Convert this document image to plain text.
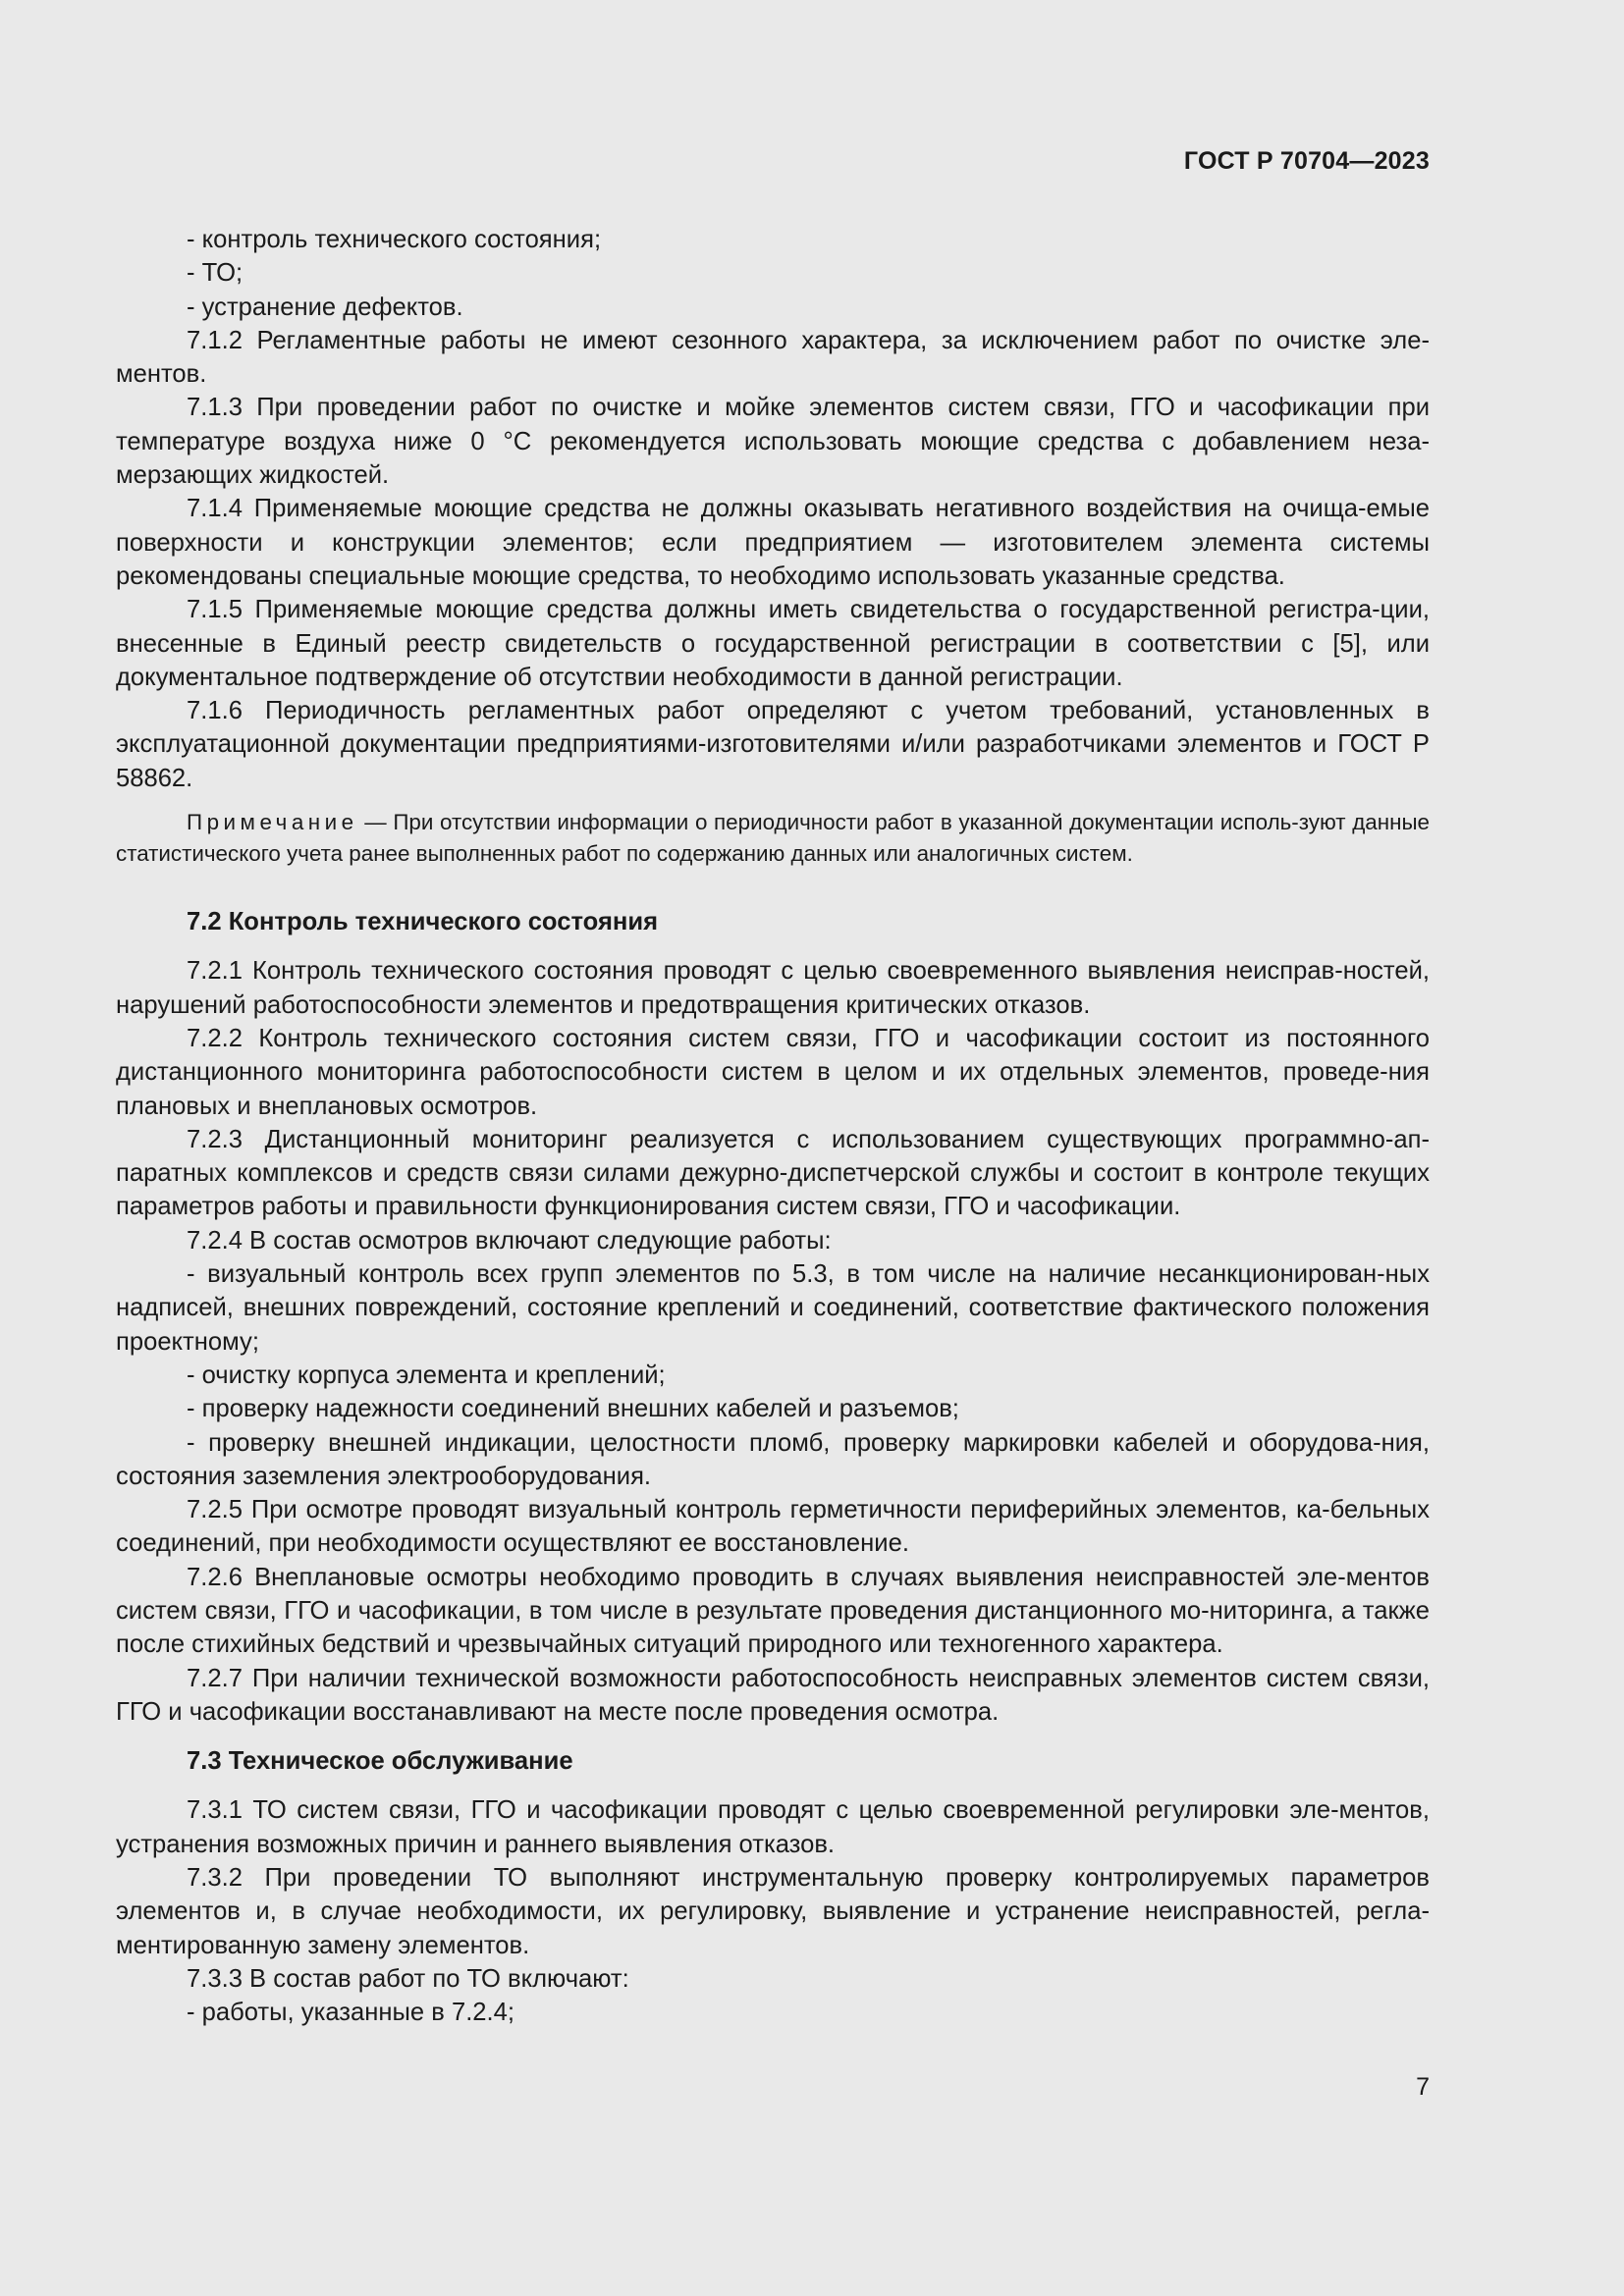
ГОСТ Р 70704—2023

- контроль технического состояния;

- ТО;

- устранение дефектов.

7.1.2 Регламентные работы не имеют сезонного характера, за исключением работ по очистке эле-ментов.

7.1.3 При проведении работ по очистке и мойке элементов систем связи, ГГО и часофикации при температуре воздуха ниже 0 °С рекомендуется использовать моющие средства с добавлением неза-мерзающих жидкостей.

7.1.4 Применяемые моющие средства не должны оказывать негативного воздействия на очища-емые поверхности и конструкции элементов; если предприятием — изготовителем элемента системы рекомендованы специальные моющие средства, то необходимо использовать указанные средства.

7.1.5 Применяемые моющие средства должны иметь свидетельства о государственной регистра-ции, внесенные в Единый реестр свидетельств о государственной регистрации в соответствии с [5], или документальное подтверждение об отсутствии необходимости в данной регистрации.

7.1.6 Периодичность регламентных работ определяют с учетом требований, установленных в эксплуатационной документации предприятиями-изготовителями и/или разработчиками элементов и ГОСТ Р 58862.

Примечание — При отсутствии информации о периодичности работ в указанной документации исполь-зуют данные статистического учета ранее выполненных работ по содержанию данных или аналогичных систем.

7.2 Контроль технического состояния

7.2.1 Контроль технического состояния проводят с целью своевременного выявления неисправ-ностей, нарушений работоспособности элементов и предотвращения критических отказов.

7.2.2 Контроль технического состояния систем связи, ГГО и часофикации состоит из постоянного дистанционного мониторинга работоспособности систем в целом и их отдельных элементов, проведе-ния плановых и внеплановых осмотров.

7.2.3 Дистанционный мониторинг реализуется с использованием существующих программно-ап-паратных комплексов и средств связи силами дежурно-диспетчерской службы и состоит в контроле текущих параметров работы и правильности функционирования систем связи, ГГО и часофикации.

7.2.4 В состав осмотров включают следующие работы:

- визуальный контроль всех групп элементов по 5.3, в том числе на наличие несанкционирован-ных надписей, внешних повреждений, состояние креплений и соединений, соответствие фактического положения проектному;

- очистку корпуса элемента и креплений;

- проверку надежности соединений внешних кабелей и разъемов;

- проверку внешней индикации, целостности пломб, проверку маркировки кабелей и оборудова-ния, состояния заземления электрооборудования.

7.2.5 При осмотре проводят визуальный контроль герметичности периферийных элементов, ка-бельных соединений, при необходимости осуществляют ее восстановление.

7.2.6 Внеплановые осмотры необходимо проводить в случаях выявления неисправностей эле-ментов систем связи, ГГО и часофикации, в том числе в результате проведения дистанционного мо-ниторинга, а также после стихийных бедствий и чрезвычайных ситуаций природного или техногенного характера.

7.2.7 При наличии технической возможности работоспособность неисправных элементов систем связи, ГГО и часофикации восстанавливают на месте после проведения осмотра.

7.3 Техническое обслуживание

7.3.1 ТО систем связи, ГГО и часофикации проводят с целью своевременной регулировки эле-ментов, устранения возможных причин и раннего выявления отказов.

7.3.2 При проведении ТО выполняют инструментальную проверку контролируемых параметров элементов и, в случае необходимости, их регулировку, выявление и устранение неисправностей, регла-ментированную замену элементов.

7.3.3 В состав работ по ТО включают:

- работы, указанные в 7.2.4;

7
